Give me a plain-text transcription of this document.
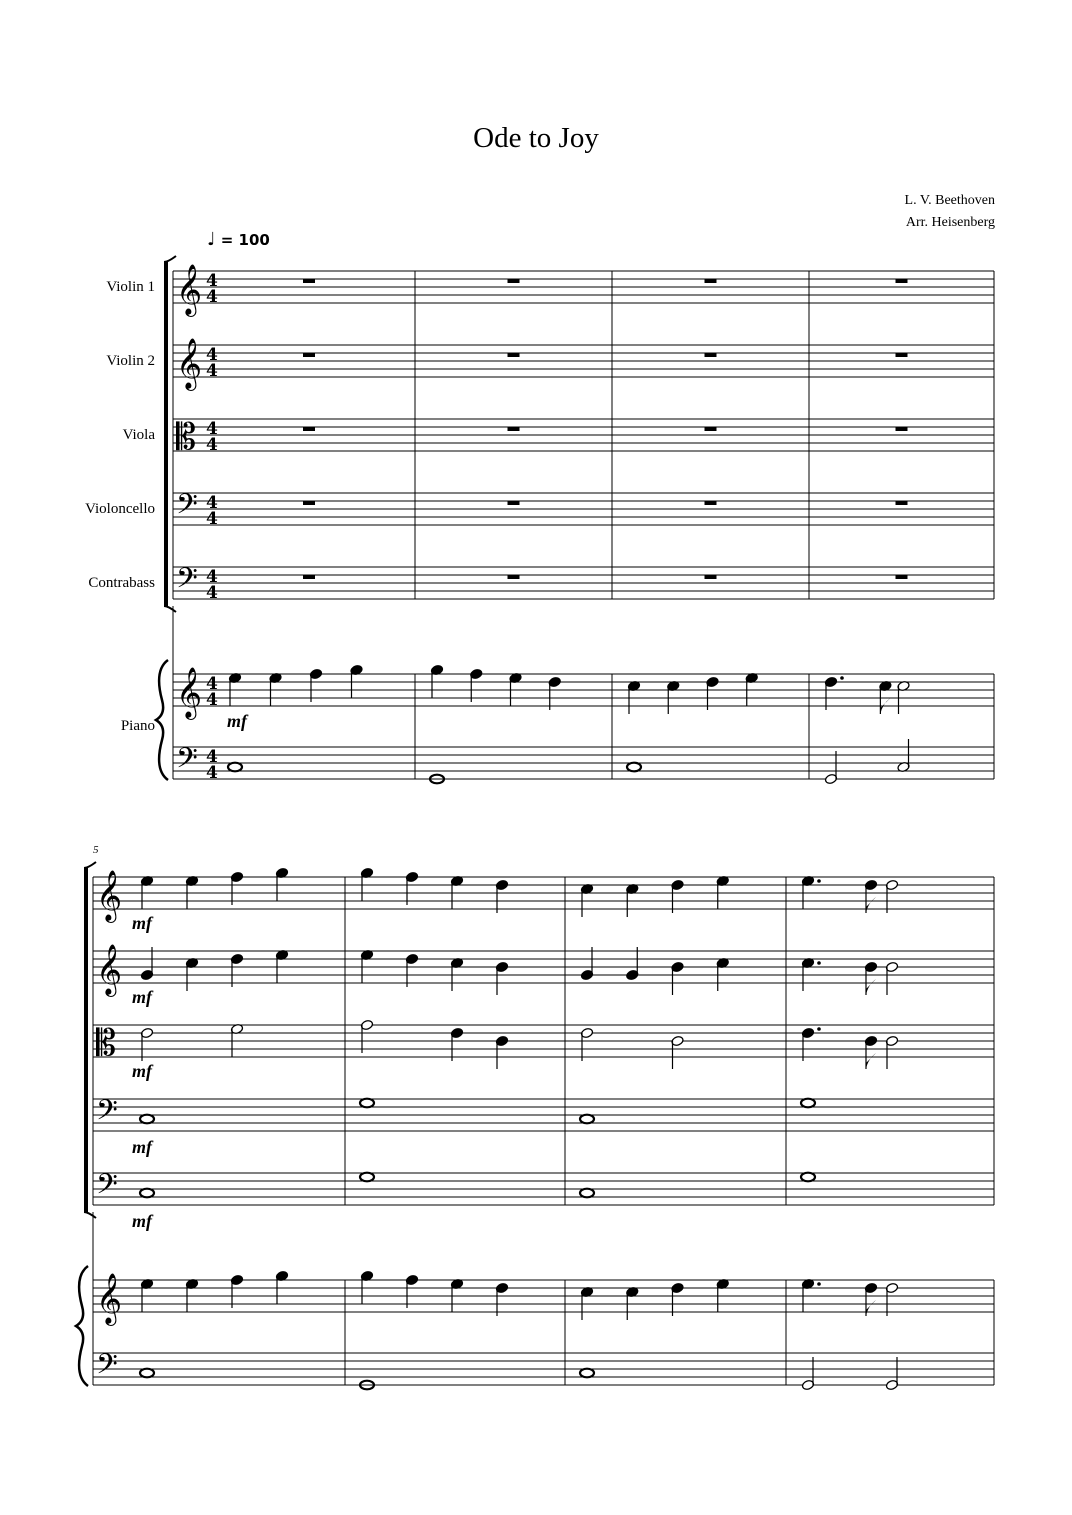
Ode to Joy
L. V. Beethoven
Arr. Heisenberg
♩ = 100
Violin 1
Violin 2
Viola
Violoncello
Contrabass
Piano
5
𝄞 4
4
𝄞 4
4
𝄡 4
4
𝄢 4
4
𝄢 4
4
𝄞 4
4
𝄢 4
4
mf
𝄞
mf
𝄞
mf
𝄡
mf
𝄢
mf
𝄢
mf
𝄞
𝄢
